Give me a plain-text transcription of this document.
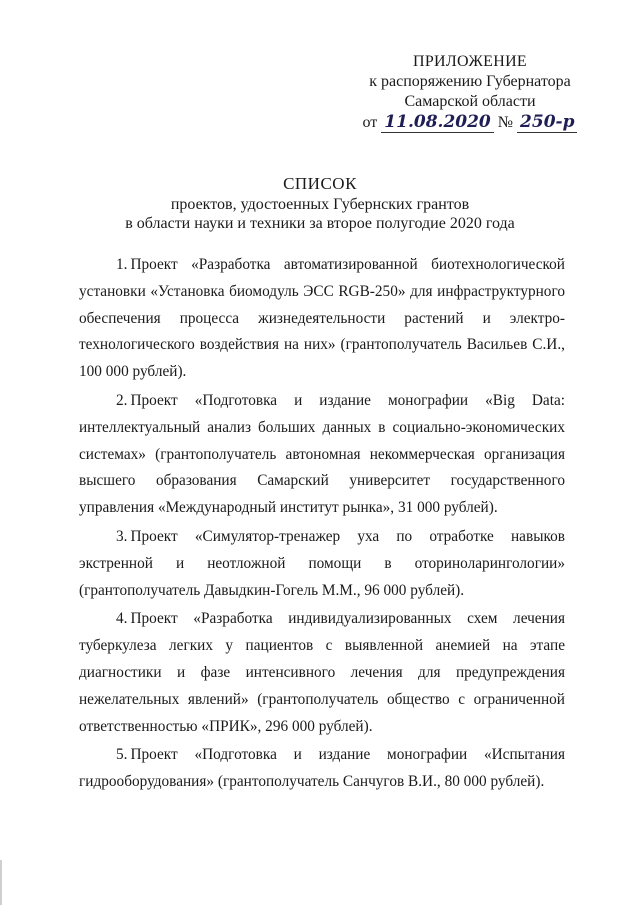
ПРИЛОЖЕНИЕ
к распоряжению Губернатора
Самарской области
от 11.08.2020 № 250-р
СПИСОК
проектов, удостоенных Губернских грантов
в области науки и техники за второе полугодие 2020 года

1. Проект «Разработка автоматизированной биотехнологической установки «Установка биомодуль ЭСС RGB-250» для инфраструктурного обеспечения процесса жизнедеятельности растений и электро-технологического воздействия на них» (грантополучатель Васильев С.И., 100 000 рублей).

2. Проект «Подготовка и издание монографии «Big Data: интеллектуальный анализ больших данных в социально-экономических системах» (грантополучатель автономная некоммерческая организация высшего образования Самарский университет государственного управления «Международный институт рынка», 31 000 рублей).

3. Проект «Симулятор-тренажер уха по отработке навыков экстренной и неотложной помощи в оториноларингологии» (грантополучатель Давыдкин-Гогель М.М., 96 000 рублей).

4. Проект «Разработка индивидуализированных схем лечения туберкулеза легких у пациентов с выявленной анемией на этапе диагностики и фазе интенсивного лечения для предупреждения нежелательных явлений» (грантополучатель общество с ограниченной ответственностью «ПРИК», 296 000 рублей).

5. Проект «Подготовка и издание монографии «Испытания гидрооборудования» (грантополучатель Санчугов В.И., 80 000 рублей).
